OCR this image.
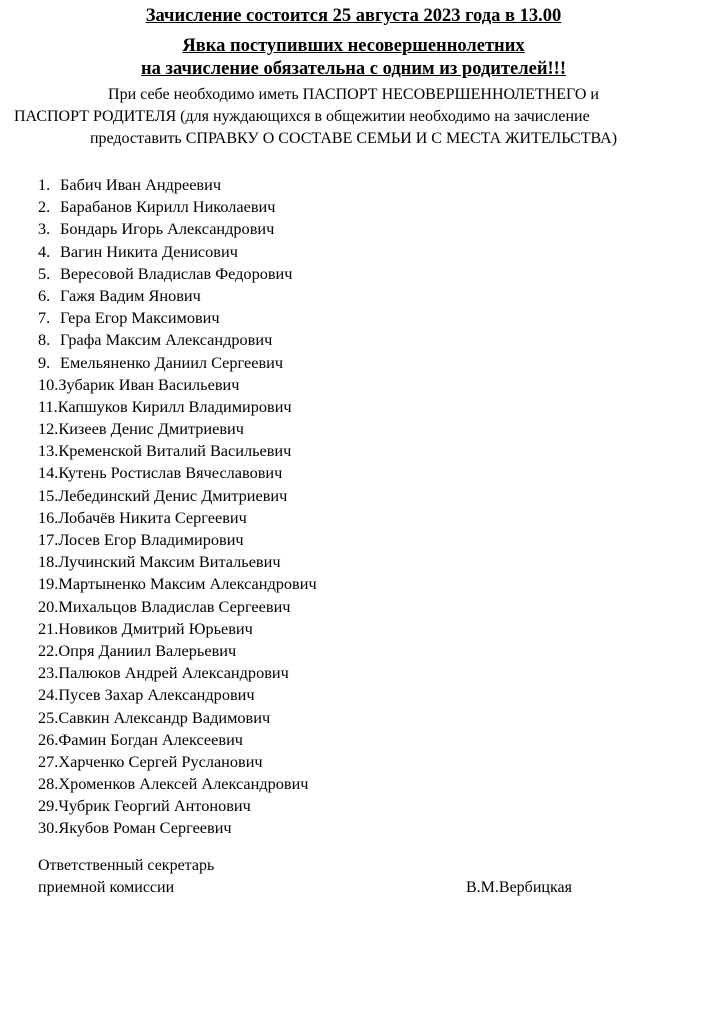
Зачисление состоится 25 августа 2023 года в 13.00
Явка поступивших несовершеннолетних
на зачисление обязательна с одним из родителей!!!
При себе необходимо иметь ПАСПОРТ НЕСОВЕРШЕННОЛЕТНЕГО и
ПАСПОРТ РОДИТЕЛЯ (для нуждающихся в общежитии необходимо на зачисление
предоставить СПРАВКУ О СОСТАВЕ СЕМЬИ И С МЕСТА ЖИТЕЛЬСТВА)
1. Бабич Иван Андреевич
2. Барабанов Кирилл Николаевич
3. Бондарь Игорь Александрович
4. Вагин Никита Денисович
5. Вересовой Владислав Федорович
6. Гажя Вадим Янович
7. Гера Егор Максимович
8. Графа Максим Александрович
9. Емельяненко Даниил Сергеевич
10.Зубарик Иван Васильевич
11.Капшуков Кирилл Владимирович
12.Кизеев Денис Дмитриевич
13.Кременской Виталий Васильевич
14.Кутень Ростислав Вячеславович
15.Лебединский Денис Дмитриевич
16.Лобачёв Никита Сергеевич
17.Лосев Егор Владимирович
18.Лучинский Максим Витальевич
19.Мартыненко Максим Александрович
20.Михальцов Владислав Сергеевич
21.Новиков Дмитрий Юрьевич
22.Опря Даниил Валерьевич
23.Палюков Андрей Александрович
24.Пусев Захар Александрович
25.Савкин Александр Вадимович
26.Фамин Богдан Алексеевич
27.Харченко Сергей Русланович
28.Хроменков Алексей Александрович
29.Чубрик Георгий Антонович
30.Якубов Роман Сергеевич
Ответственный секретарь
приемной комиссии	В.М.Вербицкая
